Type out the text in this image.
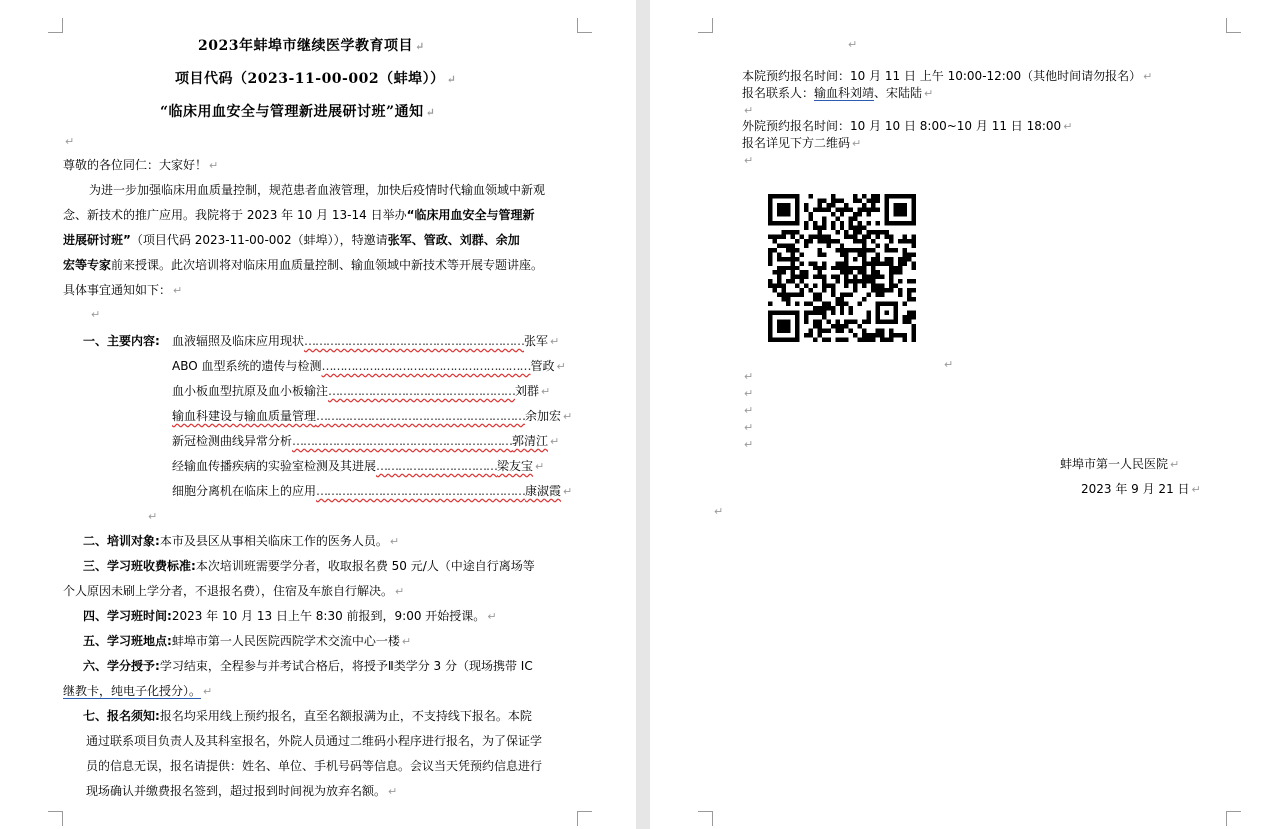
2023年蚌埠市继续医学教育项目 ↵
项目代码（2023-11-00-002（蚌埠）） ↵
“临床用血安全与管理新进展研讨班”通知 ↵
↵
尊敬的各位同仁：大家好！ ↵
为进一步加强临床用血质量控制，规范患者血液管理，加快后疫情时代输血领域中新观
念、新技术的推广应用。我院将于 2023 年 10 月 13-14 日举办“临床用血安全与管理新
进展研讨班”（项目代码 2023-11-00-002（蚌埠）），特邀请张军、管政、刘群、余加
宏等专家前来授课。此次培训将对临床用血质量控制、输血领域中新技术等开展专题讲座。
具体事宜通知如下： ↵
↵
一、主要内容: 血液辐照及临床应用现状……………………………………………………张军 ↵
ABO 血型系统的遗传与检测…………………………………………………管政 ↵
血小板血型抗原及血小板输注……………………………………………刘群 ↵
输血科建设与输血质量管理…………………………………………………余加宏 ↵
新冠检测曲线异常分析……………………………………………………郭清江 ↵
经输血传播疾病的实验室检测及其进展……………………………梁友宝 ↵
细胞分离机在临床上的应用…………………………………………………康淑霞 ↵
↵
二、培训对象:本市及县区从事相关临床工作的医务人员。 ↵
三、学习班收费标准:本次培训班需要学分者，收取报名费 50 元/人（中途自行离场等
个人原因未刷上学分者，不退报名费），住宿及车旅自行解决。 ↵
四、学习班时间:2023 年 10 月 13 日上午 8:30 前报到，9:00 开始授课。 ↵
五、学习班地点:蚌埠市第一人民医院西院学术交流中心一楼 ↵
六、学分授予:学习结束，全程参与并考试合格后，将授予Ⅱ类学分 3 分（现场携带 IC
继教卡，纯电子化授分）。 ↵
七、报名须知:报名均采用线上预约报名，直至名额报满为止，不支持线下报名。本院
通过联系项目负责人及其科室报名，外院人员通过二维码小程序进行报名，为了保证学
员的信息无误，报名请提供：姓名、单位、手机号码等信息。会议当天凭预约信息进行
现场确认并缴费报名签到，超过报到时间视为放弃名额。 ↵
↵
本院预约报名时间：10 月 11 日 上午 10:00-12:00（其他时间请勿报名） ↵
报名联系人：输血科刘靖、宋陆陆 ↵
↵
外院预约报名时间：10 月 10 日 8:00~10 月 11 日 18:00 ↵
报名详见下方二维码 ↵
↵
↵
↵
↵
↵
↵
↵
蚌埠市第一人民医院 ↵
2023 年 9 月 21 日 ↵
↵
